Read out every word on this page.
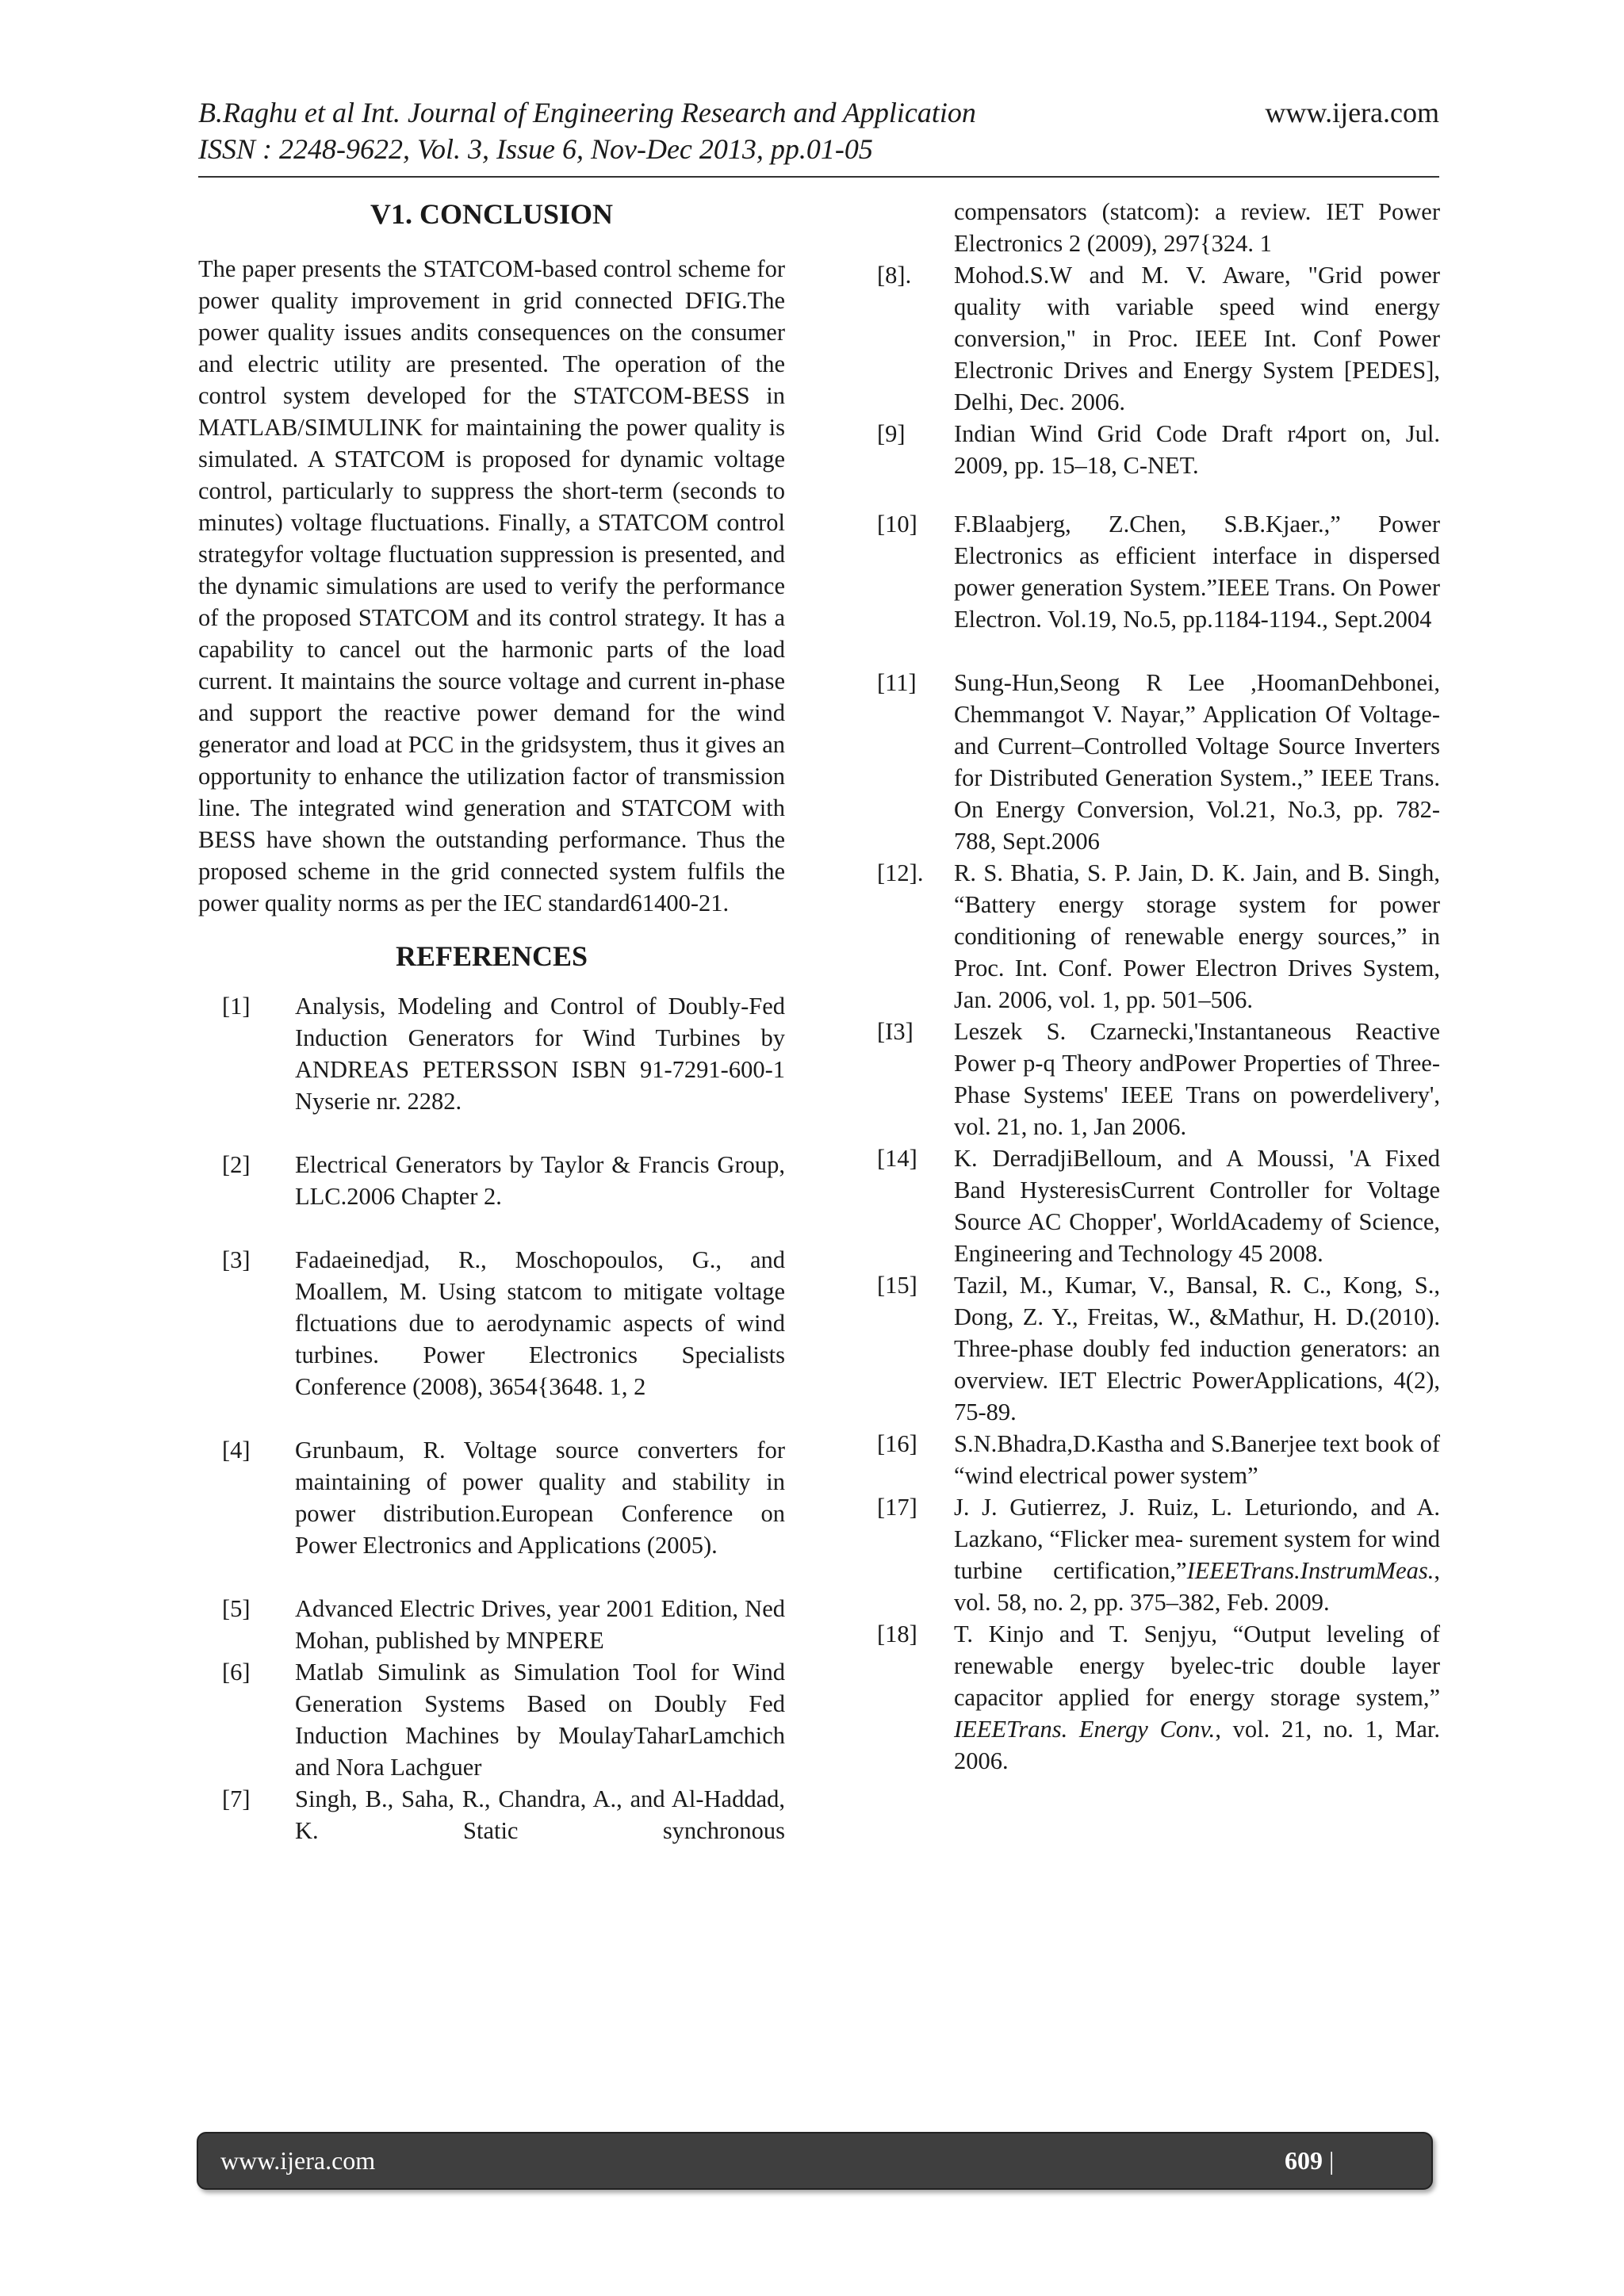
B.Raghu et al Int. Journal of Engineering Research and Application
ISSN : 2248-9622, Vol. 3, Issue 6, Nov-Dec 2013, pp.01-05
www.ijera.com
V1. CONCLUSION

The paper presents the STATCOM-based control scheme for power quality improvement in grid connected DFIG.The power quality issues andits consequences on the consumer and electric utility are presented. The operation of the control system developed for the STATCOM-BESS in MATLAB/SIMULINK for maintaining the power quality is simulated. A STATCOM is proposed for dynamic voltage control, particularly to suppress the short-term (seconds to minutes) voltage fluctuations. Finally, a STATCOM control strategyfor voltage fluctuation suppression is presented, and the dynamic simulations are used to verify the performance of the proposed STATCOM and its control strategy. It has a capability to cancel out the harmonic parts of the load current. It maintains the source voltage and current in-phase and support the reactive power demand for the wind generator and load at PCC in the gridsystem, thus it gives an opportunity to enhance the utilization factor of transmission line. The integrated wind generation and STATCOM with BESS have shown the outstanding performance. Thus the proposed scheme in the grid connected system fulfils the power quality norms as per the IEC standard61400-21.

REFERENCES
[1]	Analysis, Modeling and Control of Doubly-Fed Induction Generators for Wind Turbines by ANDREAS PETERSSON ISBN 91-7291-600-1 Nyserie nr. 2282.
[2]	Electrical Generators by Taylor & Francis Group, LLC.2006 Chapter 2.
[3]	Fadaeinedjad, R., Moschopoulos, G., and Moallem, M. Using statcom to mitigate voltage flctuations due to aerodynamic aspects of wind turbines. Power Electronics Specialists Conference (2008), 3654{3648. 1, 2
[4]	Grunbaum, R. Voltage source converters for maintaining of power quality and stability in power distribution.European Conference on Power Electronics and Applications (2005).
[5]	Advanced Electric Drives, year 2001 Edition, Ned Mohan, published by MNPERE
[6]	Matlab Simulink as Simulation Tool for Wind Generation Systems Based on Doubly Fed Induction Machines by MoulayTaharLamchich and Nora Lachguer
[7]	Singh, B., Saha, R., Chandra, A., and Al-Haddad, K. Static synchronous
compensators (statcom): a review. IET Power Electronics 2 (2009), 297{324. 1
[8].	Mohod.S.W and M. V. Aware, "Grid power quality with variable speed wind energy conversion," in Proc. IEEE Int. Conf Power Electronic Drives and Energy System [PEDES], Delhi, Dec. 2006.
[9]	Indian Wind Grid Code Draft r4port on, Jul. 2009, pp. 15–18, C-NET.
[10]	F.Blaabjerg, Z.Chen, S.B.Kjaer.,” Power Electronics as efficient interface in dispersed power generation System.”IEEE Trans. On Power Electron. Vol.19, No.5, pp.1184-1194., Sept.2004
[11]	Sung-Hun,Seong R Lee ,HoomanDehbonei, Chemmangot V. Nayar,” Application Of Voltage-and Current–Controlled Voltage Source Inverters for Distributed Generation System.,” IEEE Trans. On Energy Conversion, Vol.21, No.3, pp. 782-788, Sept.2006
[12].	R. S. Bhatia, S. P. Jain, D. K. Jain, and B. Singh, “Battery energy storage system for power conditioning of renewable energy sources,” in Proc. Int. Conf. Power Electron Drives System, Jan. 2006, vol. 1, pp. 501–506.
[I3]	Leszek S. Czarnecki,'Instantaneous Reactive Power p-q Theory andPower Properties of Three-Phase Systems' IEEE Trans on powerdelivery', vol. 21, no. 1, Jan 2006.
[14]	K. DerradjiBelloum, and A Moussi, 'A Fixed Band HysteresisCurrent Controller for Voltage Source AC Chopper', WorldAcademy of Science, Engineering and Technology 45 2008.
[15]	Tazil, M., Kumar, V., Bansal, R. C., Kong, S., Dong, Z. Y., Freitas, W., &Mathur, H. D.(2010). Three-phase doubly fed induction generators: an overview. IET Electric PowerApplications, 4(2), 75-89.
[16]	S.N.Bhadra,D.Kastha and S.Banerjee text book of “wind electrical power system”
[17]	J. J. Gutierrez, J. Ruiz, L. Leturiondo, and A. Lazkano, “Flicker mea- surement system for wind turbine certification,”IEEETrans.InstrumMeas., vol. 58, no. 2, pp. 375–382, Feb. 2009.
[18]	T. Kinjo and T. Senjyu, “Output leveling of renewable energy byelec-tric double layer capacitor applied for energy storage system,” IEEETrans. Energy Conv., vol. 21, no. 1, Mar. 2006.
www.ijera.com	609 |
